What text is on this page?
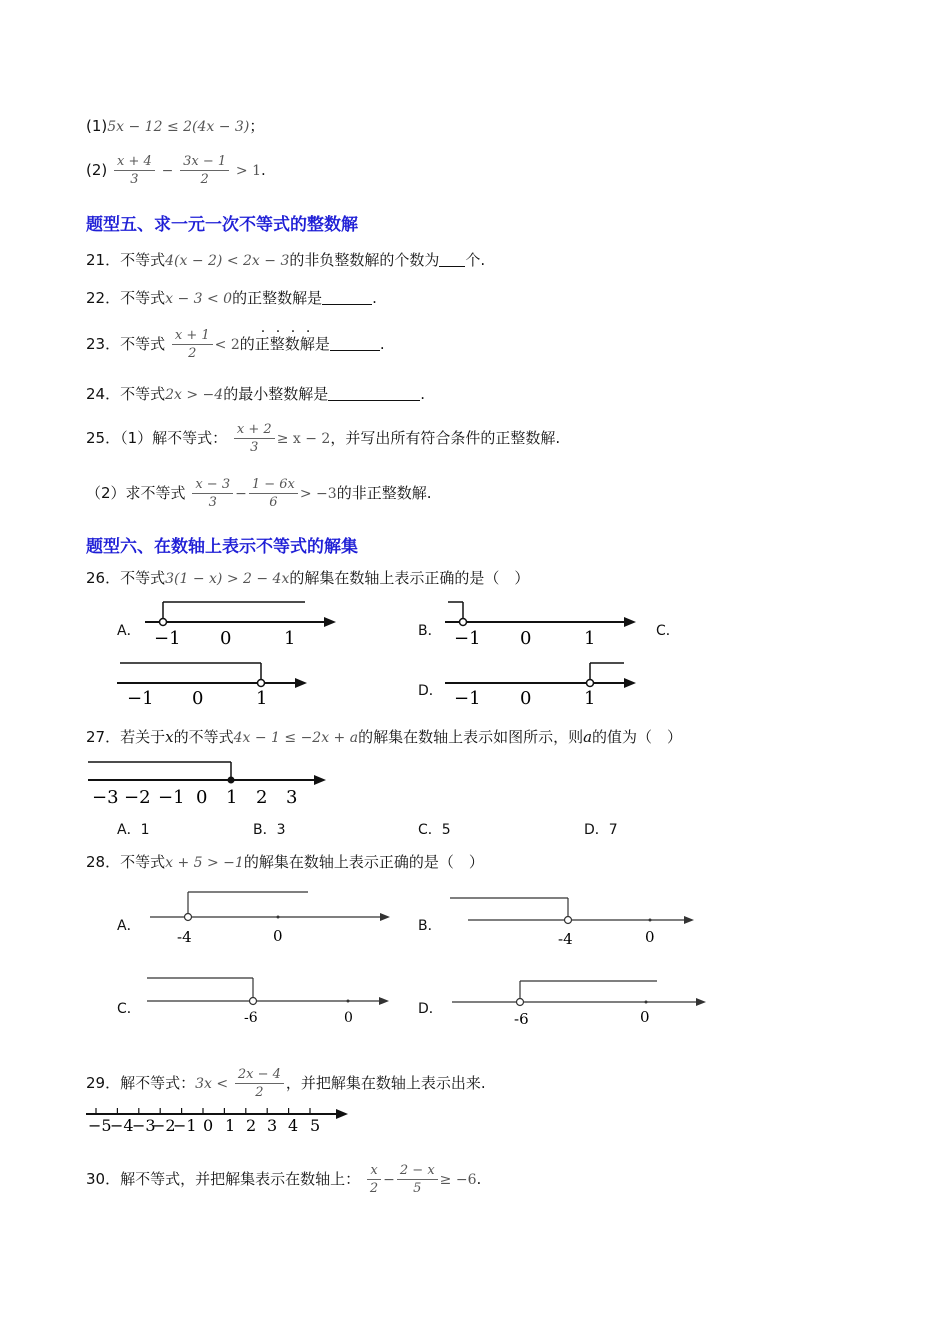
(1)5x − 12 ≤ 2(4x − 3)；
$(2) \frac{x + 4}{3} - \frac{3x - 1}{2} > 1$.
题型五、求一元一次不等式的整数解
21．不等式4(x − 2) < 2x − 3的非负整数解的个数为 个.
22．不等式x − 3 < 0的正整数解是	.
23．不等式 $\frac{x + 1}{2} < 2$的正整数解是	.
24．不等式2x > −4的最小整数解是	.
25．（1）解不等式： $\frac{x + 2}{3} \ge x - 2$，并写出所有符合条件的正整数解.
（2）求不等式 $\frac{x - 3}{3} - \frac{1 - 6x}{6} > -3$的非正整数解.
题型六、在数轴上表示不等式的解集
26．不等式3(1 − x) > 2 − 4x的解集在数轴上表示正确的是（　）
A．	B．	C．
D．
−1 0	1	−1 0	1
−1 0	1	−1 0	1
27．若关于x的不等式4x − 1 ≤ −2x + a的解集在数轴上表示如图所示，则a的值为（　）
−3 −2 −1 0 1 2 3
A．1	B．3	C．5	D．7
28．不等式x + 5 > −1的解集在数轴上表示正确的是（　）
A．	B．
C．	D．
-4	0	-4	0
-6	0	-6	0
29．解不等式：$3x < \frac{2x - 4}{2}$ ，并把解集在数轴上表示出来.
−5
−4
−3
−2
−1 0 1 2 3 4 5
30．解不等式，并把解集表示在数轴上： $\frac{x}{2} - \frac{2 - x}{5} \ge -6$.
